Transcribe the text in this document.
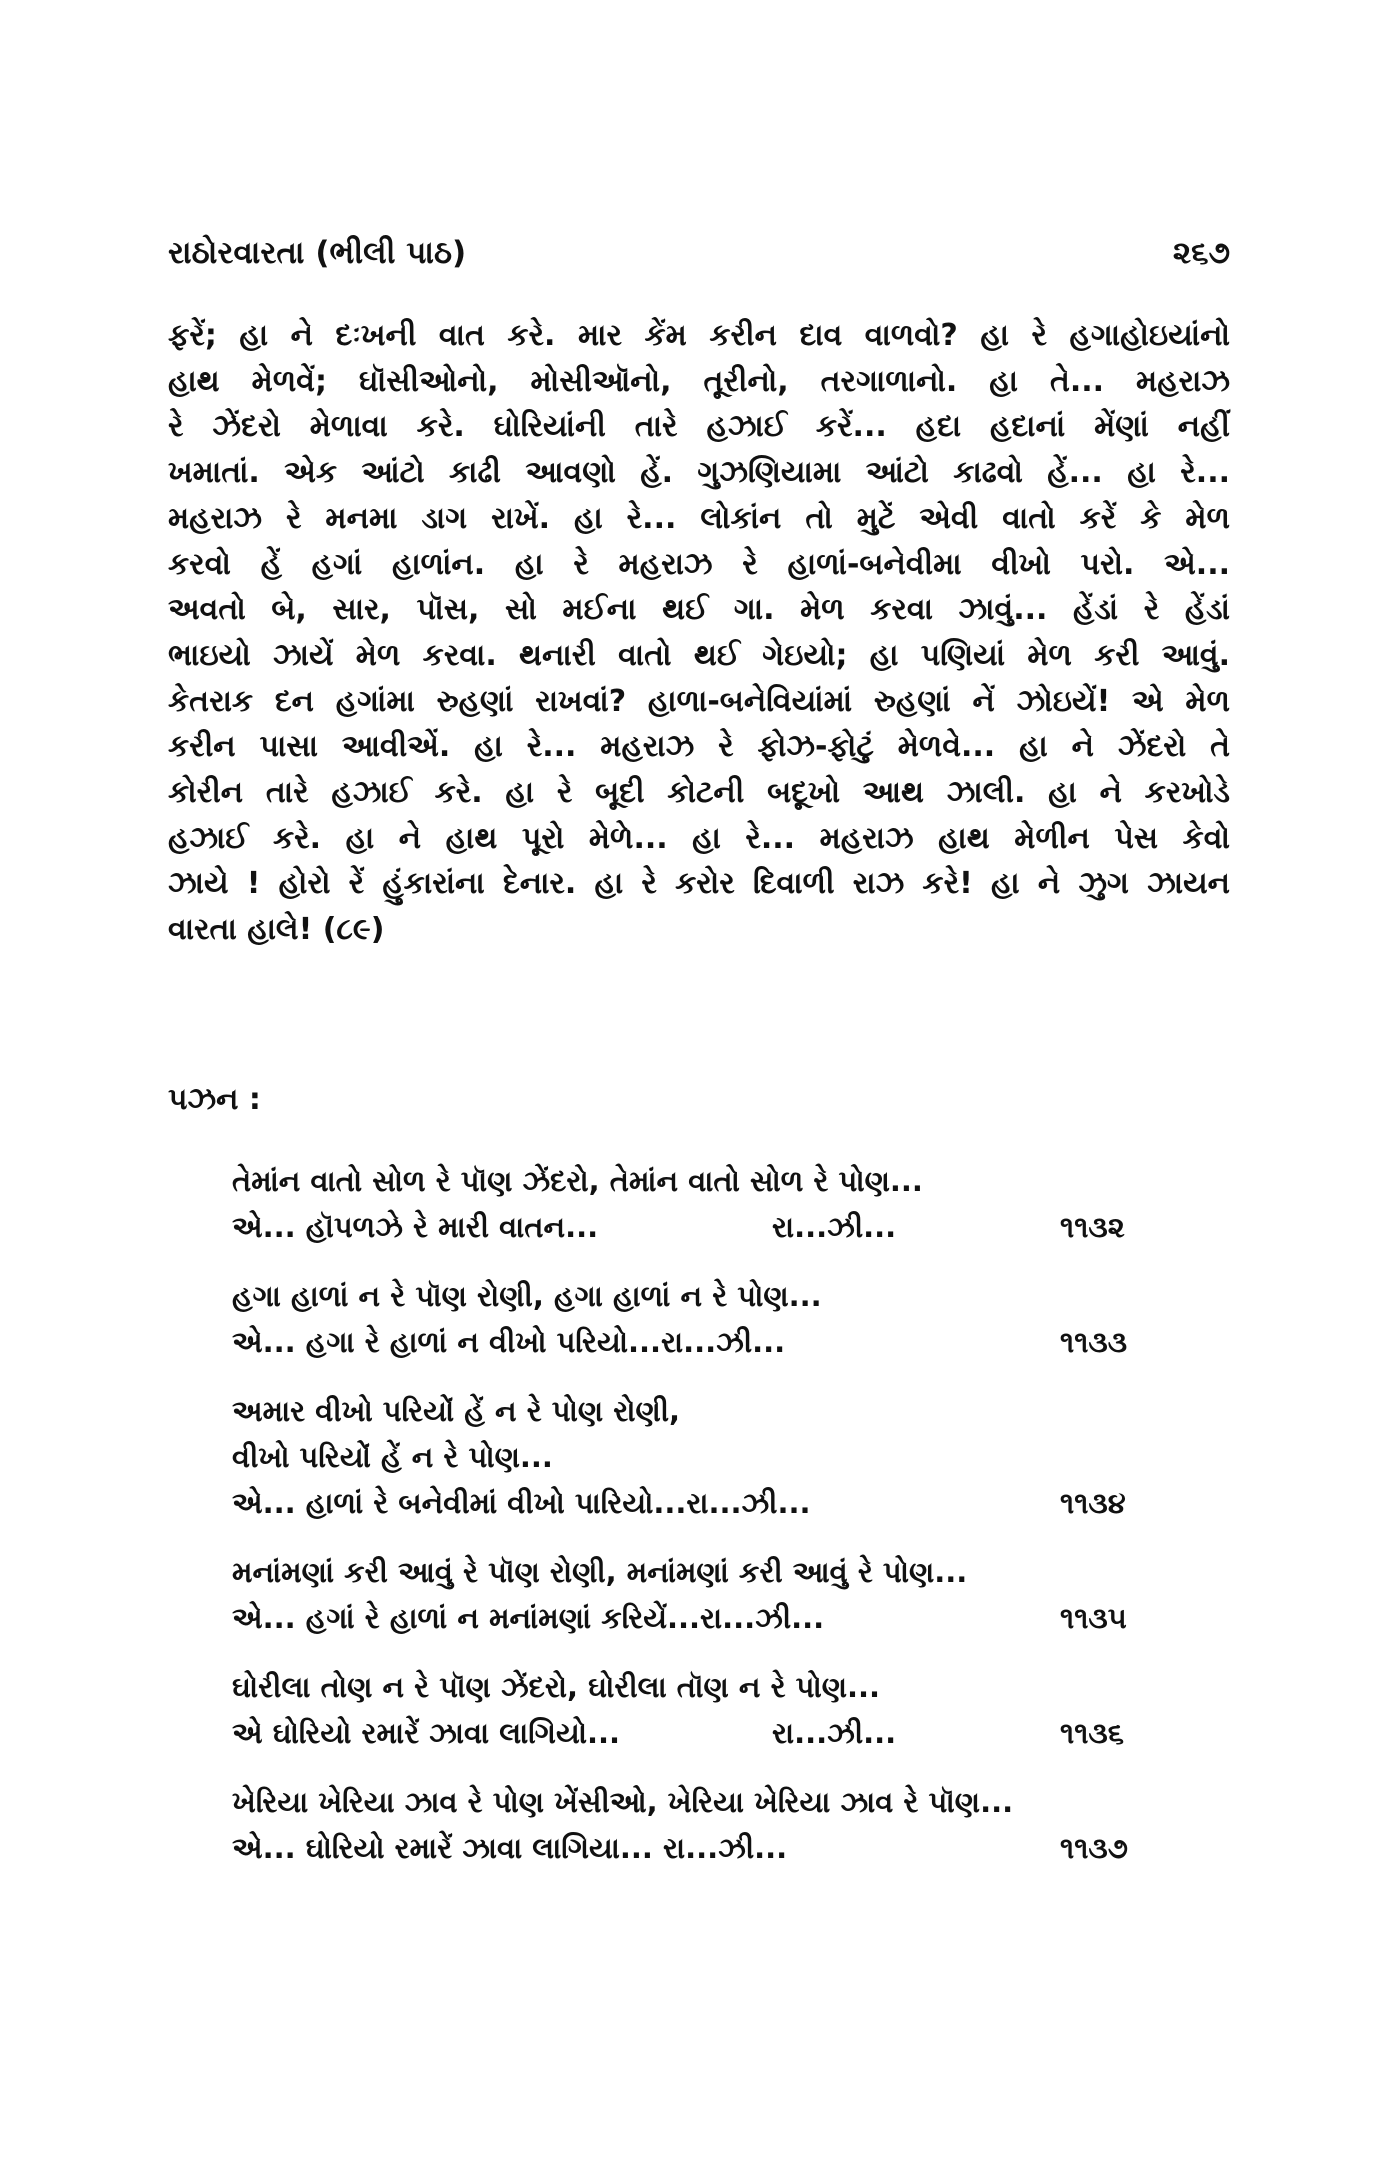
રાઠોરવારતા (ભીલી પાઠ)	૨૬૭
ફરેં; હા ને દઃખની વાત કરે. માર કેંમ કરીન દાવ વાળવો? હા રે હગાહોઇયાંનો
હાથ મેળવેં; ઘૉસીઓનો, મોસીઑનો, તૂરીનો, તરગાળાનો. હા તે... મહરાઝ
રે ઝેંદરો મેળાવા કરે. ઘોરિયાંની તારે હઝાઈ કરેં... હદા હદાનાં મેંણાં નહીં
ખમાતાં. એક આંટો કાઢી આવણો હેં. ગુઝણિયામા આંટો કાઢવો હેં... હા રે...
મહરાઝ રે મનમા ડાગ રાખેં. હા રે... લોકાંન તો મુટેં એવી વાતો કરેં કે મેળ
કરવો હેં હગાં હાળાંન. હા રે મહરાઝ રે હાળાં-બનેવીમા વીખો પરો. એ...
અવતો બે, સાર, પૉસ, સો મઈના થઈ ગા. મેળ કરવા ઝાવું... હેંડાં રે હેંડાં
ભાઇયો ઝાયેં મેળ કરવા. થનારી વાતો થઈ ગેઇયો; હા પણિયાં મેળ કરી આવું.
કેતરાક દન હગાંમા રુહણાં રાખવાં? હાળા-બનેવિયાંમાં રુહણાં નેં ઝોઇયેં! એ મેળ
કરીન પાસા આવીએં. હા રે... મહરાઝ રે ફોઝ-ફોટું મેળવે... હા ને ઝેંદરો તે
કોરીન તારે હઝાઈ કરે. હા રે બૂદી કોટની બદૂખો આથ ઝાલી. હા ને કરખોડે
હઝાઈ કરે. હા ને હાથ પૂરો મેળે... હા રે... મહરાઝ હાથ મેળીન પેસ કેવો
ઝાયે ! હોરો રેં હુંકારાંના દેનાર. હા રે કરોર દિવાળી રાઝ કરે! હા ને ઝુગ ઝાયન
વારતા હાલે! (૮૯)
પઝન :
તેમાંન વાતો સોળ રે પૉણ ઝેંદરો, તેમાંન વાતો સોળ રે પોણ...
એ... હૉપળઝે રે મારી વાતન...	રા...ઝી...	૧૧૩૨
હગા હાળાં ન રે પૉણ રોણી, હગા હાળાં ન રે પોણ...
એ... હગા રે હાળાં ન વીખો પરિયો...રા...ઝી...	૧૧૩૩
અમાર વીખો પરિયોં હેં ન રે પોણ રોણી,
વીખો પરિયોં હેં ન રે પોણ...
એ... હાળાં રે બનેવીમાં વીખો પારિયો...રા...ઝી...	૧૧૩૪
મનાંમણાં કરી આવું રે પૉણ રોણી, મનાંમણાં કરી આવું રે પોણ...
એ... હગાં રે હાળાં ન મનાંમણાં કરિયેં...રા...ઝી...	૧૧૩૫
ઘોરીલા તોણ ન રે પૉણ ઝેંદરો, ઘોરીલા તૉણ ન રે પોણ...
એ ઘોરિયો રમારેં ઝાવા લાગિયો...	રા...ઝી...	૧૧૩૬
ખેરિયા ખેરિયા ઝાવ રે પોણ ખેંસીઓ, ખેરિયા ખેરિયા ઝાવ રે પૉણ...
એ... ઘોરિયો રમારેં ઝાવા લાગિયા... રા...ઝી...	૧૧૩૭
